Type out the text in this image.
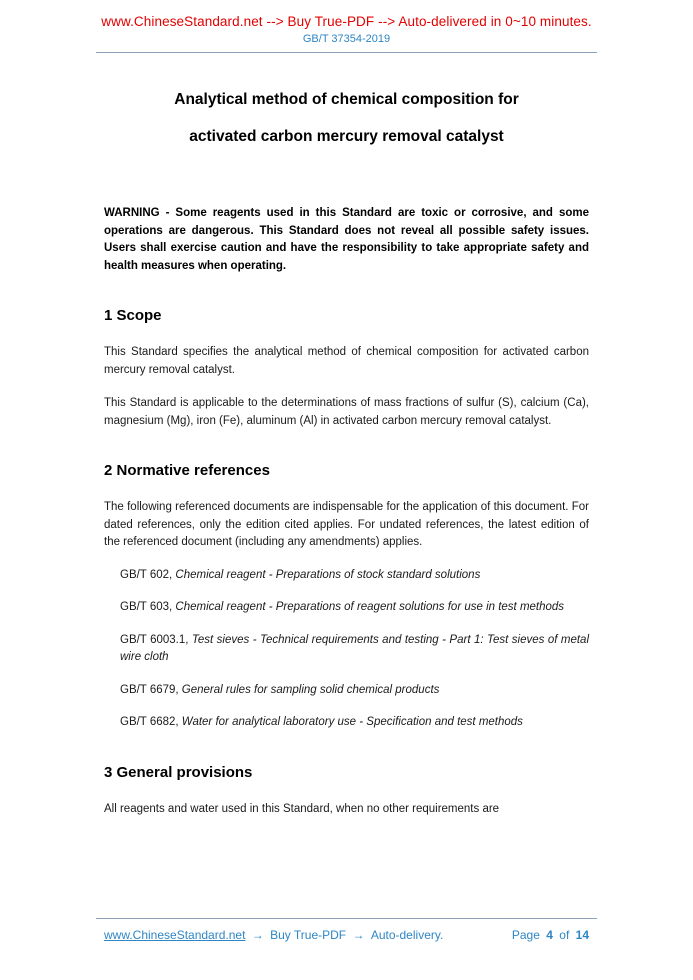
www.ChineseStandard.net --> Buy True-PDF --> Auto-delivered in 0~10 minutes.
GB/T 37354-2019
Analytical method of chemical composition for
activated carbon mercury removal catalyst

WARNING - Some reagents used in this Standard are toxic or corrosive, and some operations are dangerous. This Standard does not reveal all possible safety issues. Users shall exercise caution and have the responsibility to take appropriate safety and health measures when operating.

1 Scope

This Standard specifies the analytical method of chemical composition for activated carbon mercury removal catalyst.

This Standard is applicable to the determinations of mass fractions of sulfur (S), calcium (Ca), magnesium (Mg), iron (Fe), aluminum (Al) in activated carbon mercury removal catalyst.

2 Normative references

The following referenced documents are indispensable for the application of this document. For dated references, only the edition cited applies. For undated references, the latest edition of the referenced document (including any amendments) applies.

GB/T 602, Chemical reagent - Preparations of stock standard solutions

GB/T 603, Chemical reagent - Preparations of reagent solutions for use in test methods

GB/T 6003.1, Test sieves - Technical requirements and testing - Part 1: Test sieves of metal wire cloth

GB/T 6679, General rules for sampling solid chemical products

GB/T 6682, Water for analytical laboratory use - Specification and test methods

3 General provisions

All reagents and water used in this Standard, when no other requirements are

www.ChineseStandard.net → Buy True-PDF → Auto-delivery.	Page 4 of 14
